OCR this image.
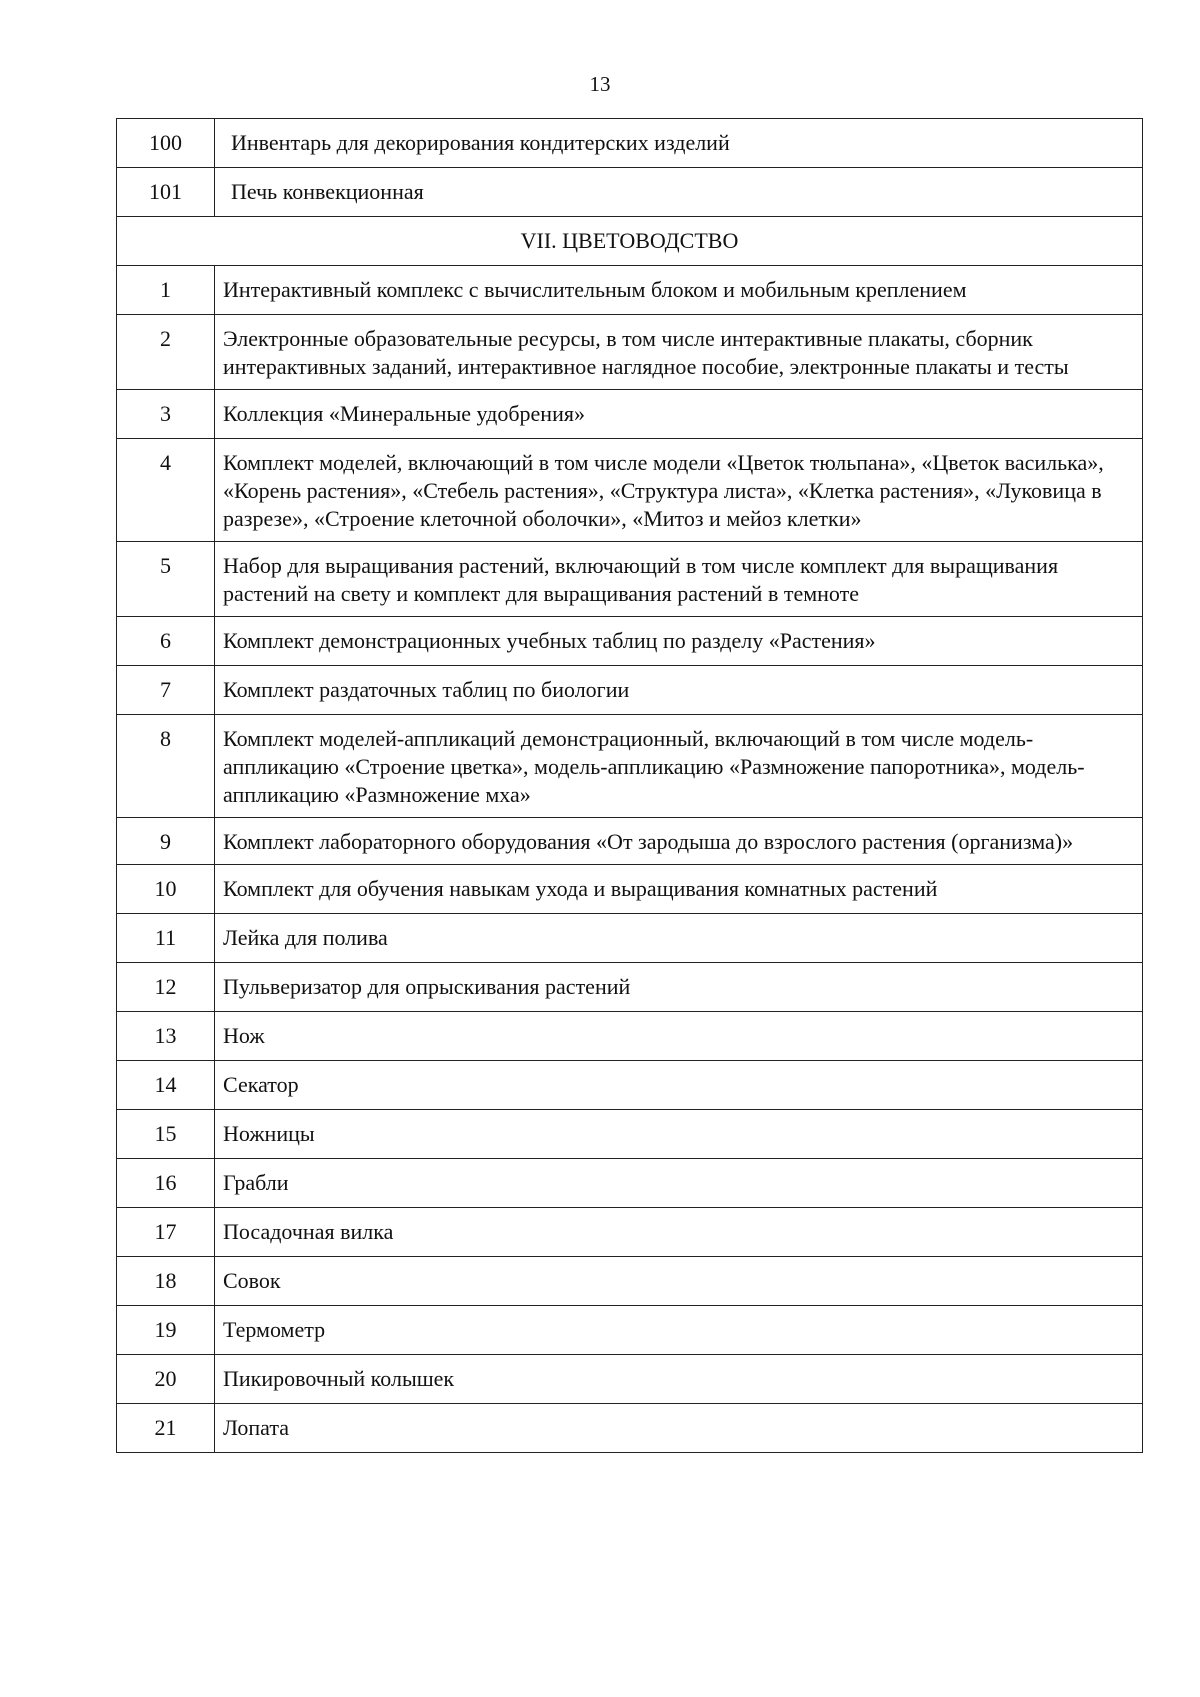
13
100	Инвентарь для декорирования кондитерских изделий
101	Печь конвекционная
VII. ЦВЕТОВОДСТВО	
1	Интерактивный комплекс с вычислительным блоком и мобильным креплением
2	Электронные образовательные ресурсы, в том числе интерактивные плакаты, сборник интерактивных заданий, интерактивное наглядное пособие, электронные плакаты и тесты
3	Коллекция «Минеральные удобрения»
4	Комплект моделей, включающий в том числе модели «Цветок тюльпана», «Цветок василька», «Корень растения», «Стебель растения», «Структура листа», «Клетка растения», «Луковица в разрезе», «Строение клеточной оболочки», «Митоз и мейоз клетки»
5	Набор для выращивания растений, включающий в том числе комплект для выращивания растений на свету и комплект для выращивания растений в темноте
6	Комплект демонстрационных учебных таблиц по разделу «Растения»
7	Комплект раздаточных таблиц по биологии
8	Комплект моделей-аппликаций демонстрационный, включающий в том числе модель-аппликацию «Строение цветка», модель-аппликацию «Размножение папоротника», модель-аппликацию «Размножение мха»
9	Комплект лабораторного оборудования «От зародыша до взрослого растения (организма)»
10	Комплект для обучения навыкам ухода и выращивания комнатных растений
11	Лейка для полива
12	Пульверизатор для опрыскивания растений
13	Нож
14	Секатор
15	Ножницы
16	Грабли
17	Посадочная вилка
18	Совок
19	Термометр
20	Пикировочный колышек
21	Лопата
